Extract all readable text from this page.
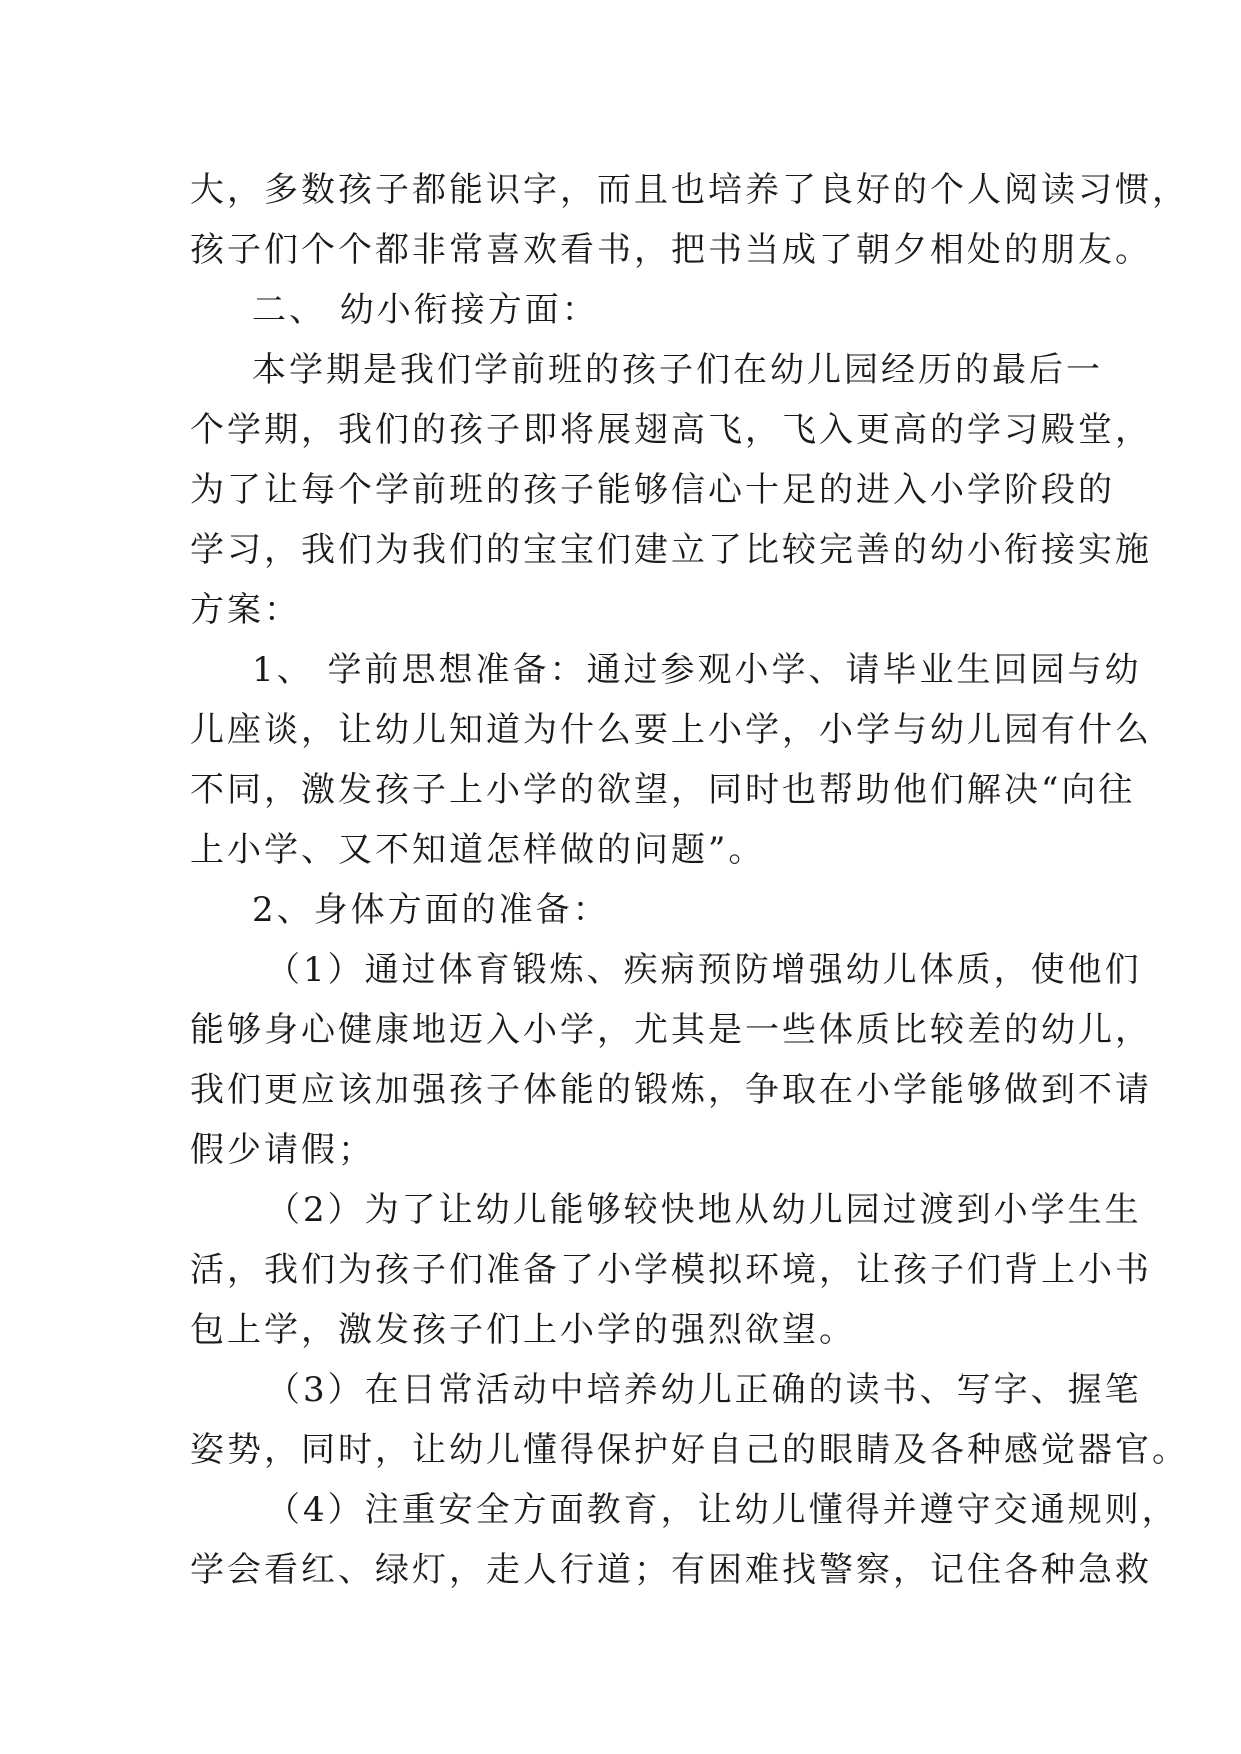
大，多数孩子都能识字，而且也培养了良好的个人阅读习惯，
孩子们个个都非常喜欢看书，把书当成了朝夕相处的朋友。
二、 幼小衔接方面：
本学期是我们学前班的孩子们在幼儿园经历的最后一
个学期，我们的孩子即将展翅高飞，飞入更高的学习殿堂，
为了让每个学前班的孩子能够信心十足的进入小学阶段的
学习，我们为我们的宝宝们建立了比较完善的幼小衔接实施
方案：
1、 学前思想准备：通过参观小学、请毕业生回园与幼
儿座谈，让幼儿知道为什么要上小学，小学与幼儿园有什么
不同，激发孩子上小学的欲望，同时也帮助他们解决“向往
上小学、又不知道怎样做的问题”。
2、身体方面的准备：
（1）通过体育锻炼、疾病预防增强幼儿体质，使他们
能够身心健康地迈入小学，尤其是一些体质比较差的幼儿，
我们更应该加强孩子体能的锻炼，争取在小学能够做到不请
假少请假；
（2）为了让幼儿能够较快地从幼儿园过渡到小学生生
活，我们为孩子们准备了小学模拟环境，让孩子们背上小书
包上学，激发孩子们上小学的强烈欲望。
（3）在日常活动中培养幼儿正确的读书、写字、握笔
姿势，同时，让幼儿懂得保护好自己的眼睛及各种感觉器官。
（4）注重安全方面教育，让幼儿懂得并遵守交通规则，
学会看红、绿灯，走人行道；有困难找警察，记住各种急救
